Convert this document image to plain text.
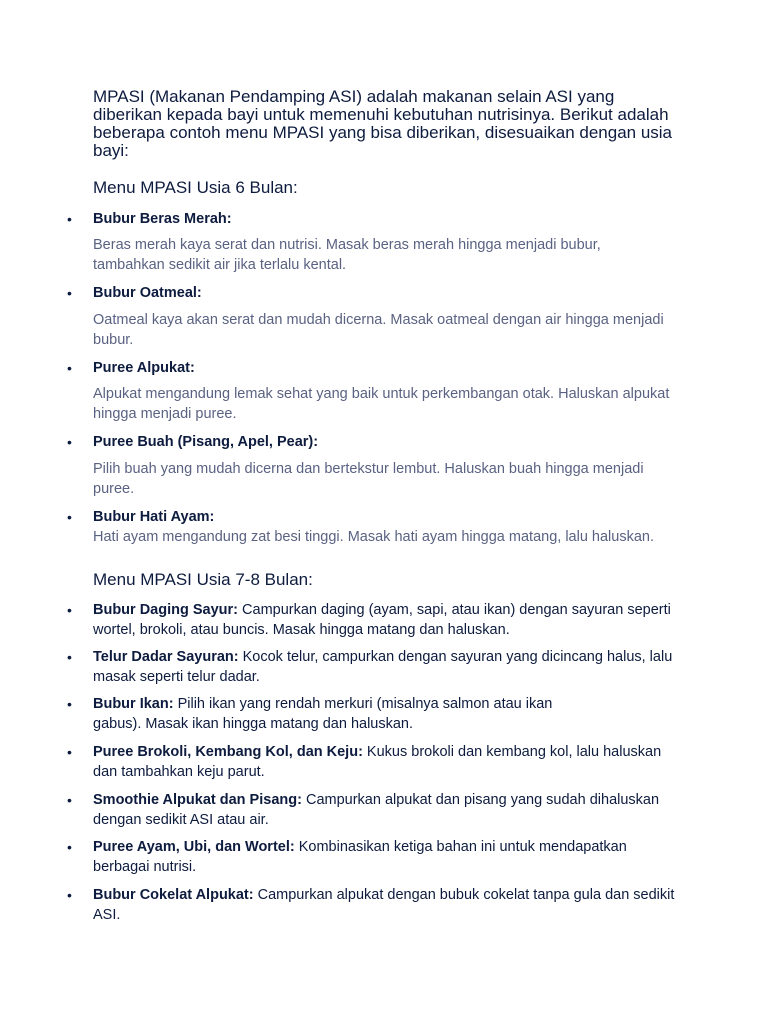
MPASI (Makanan Pendamping ASI) adalah makanan selain ASI yang diberikan kepada bayi untuk memenuhi kebutuhan nutrisinya. Berikut adalah beberapa contoh menu MPASI yang bisa diberikan, disesuaikan dengan usia bayi:

Menu MPASI Usia 6 Bulan:
• Bubur Beras Merah:

Beras merah kaya serat dan nutrisi. Masak beras merah hingga menjadi bubur, tambahkan sedikit air jika terlalu kental.

• Bubur Oatmeal:

Oatmeal kaya akan serat dan mudah dicerna. Masak oatmeal dengan air hingga menjadi bubur.

• Puree Alpukat:

Alpukat mengandung lemak sehat yang baik untuk perkembangan otak. Haluskan alpukat hingga menjadi puree.

• Puree Buah (Pisang, Apel, Pear):

Pilih buah yang mudah dicerna dan bertekstur lembut. Haluskan buah hingga menjadi puree.

• Bubur Hati Ayam:

Hati ayam mengandung zat besi tinggi. Masak hati ayam hingga matang, lalu haluskan.

Menu MPASI Usia 7-8 Bulan:
• Bubur Daging Sayur: Campurkan daging (ayam, sapi, atau ikan) dengan sayuran seperti wortel, brokoli, atau buncis. Masak hingga matang dan haluskan.

• Telur Dadar Sayuran: Kocok telur, campurkan dengan sayuran yang dicincang halus, lalu masak seperti telur dadar.

• Bubur Ikan: Pilih ikan yang rendah merkuri (misalnya salmon atau ikan gabus). Masak ikan hingga matang dan haluskan.

• Puree Brokoli, Kembang Kol, dan Keju: Kukus brokoli dan kembang kol, lalu haluskan dan tambahkan keju parut.

• Smoothie Alpukat dan Pisang: Campurkan alpukat dan pisang yang sudah dihaluskan dengan sedikit ASI atau air.

• Puree Ayam, Ubi, dan Wortel: Kombinasikan ketiga bahan ini untuk mendapatkan berbagai nutrisi.

• Bubur Cokelat Alpukat: Campurkan alpukat dengan bubuk cokelat tanpa gula dan sedikit ASI.
